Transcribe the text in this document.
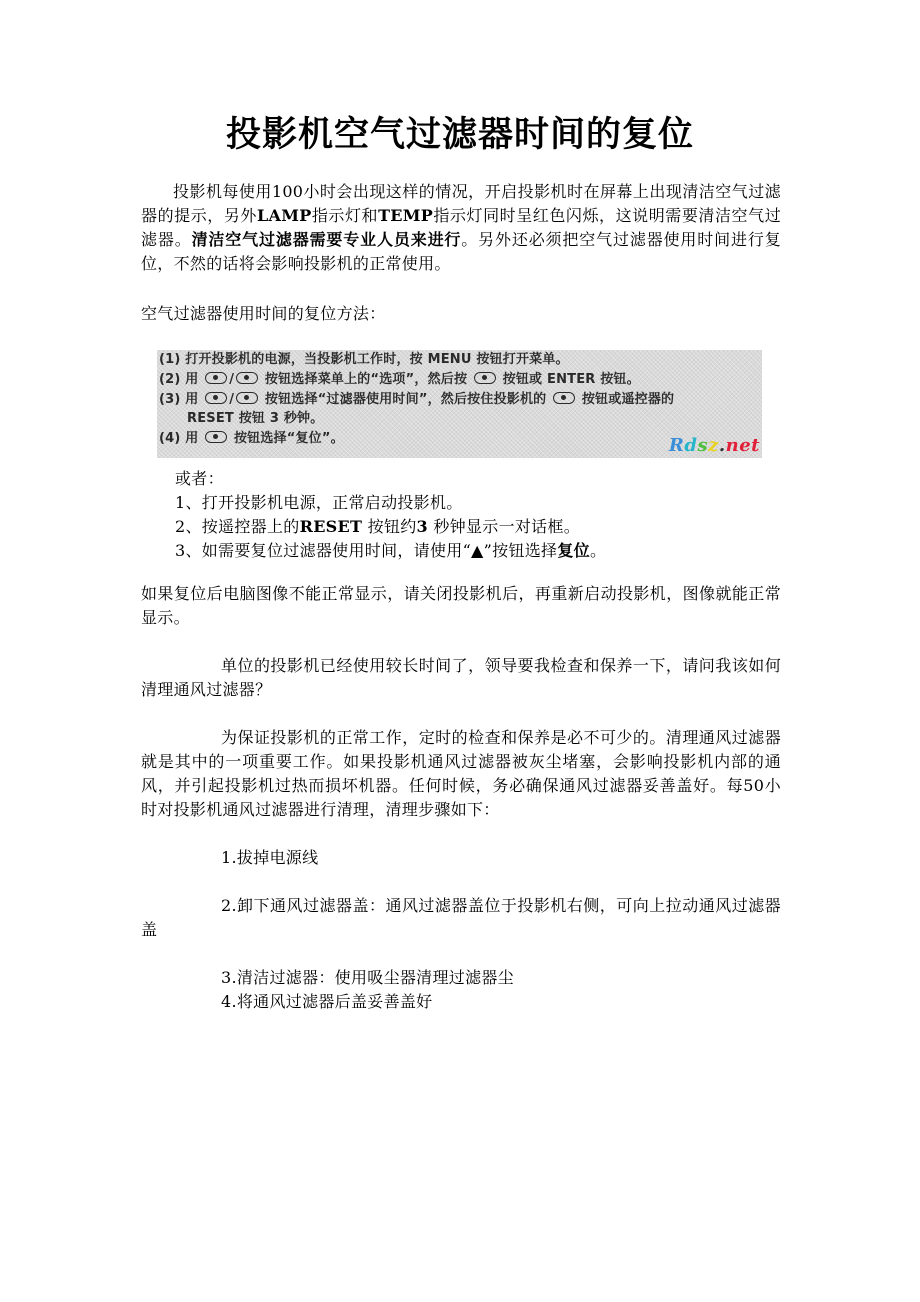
投影机空气过滤器时间的复位

投影机每使用100小时会出现这样的情况，开启投影机时在屏幕上出现清洁空气过滤器的提示，另外LAMP指示灯和TEMP指示灯同时呈红色闪烁，这说明需要清洁空气过滤器。清洁空气过滤器需要专业人员来进行。另外还必须把空气过滤器使用时间进行复位，不然的话将会影响投影机的正常使用。

空气过滤器使用时间的复位方法：
(1) 打开投影机的电源，当投影机工作时，按 MENU 按钮打开菜单。
(2) 用 / 按钮选择菜单上的“选项”，然后按	按钮或 ENTER 按钮。
(3) 用 / 按钮选择“过滤器使用时间”，然后按住投影机的	按钮或遥控器的
RESET 按钮 3 秒钟。
(4) 用	按钮选择“复位”。	Rdsz.net
或者：
1、打开投影机电源，正常启动投影机。
2、按遥控器上的RESET 按钮约3 秒钟显示一对话框。
3、如需要复位过滤器使用时间，请使用“▲”按钮选择复位。

如果复位后电脑图像不能正常显示，请关闭投影机后，再重新启动投影机，图像就能正常显示。

单位的投影机已经使用较长时间了，领导要我检查和保养一下，请问我该如何清理通风过滤器？

为保证投影机的正常工作，定时的检查和保养是必不可少的。清理通风过滤器就是其中的一项重要工作。如果投影机通风过滤器被灰尘堵塞，会影响投影机内部的通风，并引起投影机过热而损坏机器。任何时候，务必确保通风过滤器妥善盖好。每50小时对投影机通风过滤器进行清理，清理步骤如下：

1.拔掉电源线

2.卸下通风过滤器盖：通风过滤器盖位于投影机右侧，可向上拉动通风过滤器盖

3.清洁过滤器：使用吸尘器清理过滤器尘
4.将通风过滤器后盖妥善盖好
